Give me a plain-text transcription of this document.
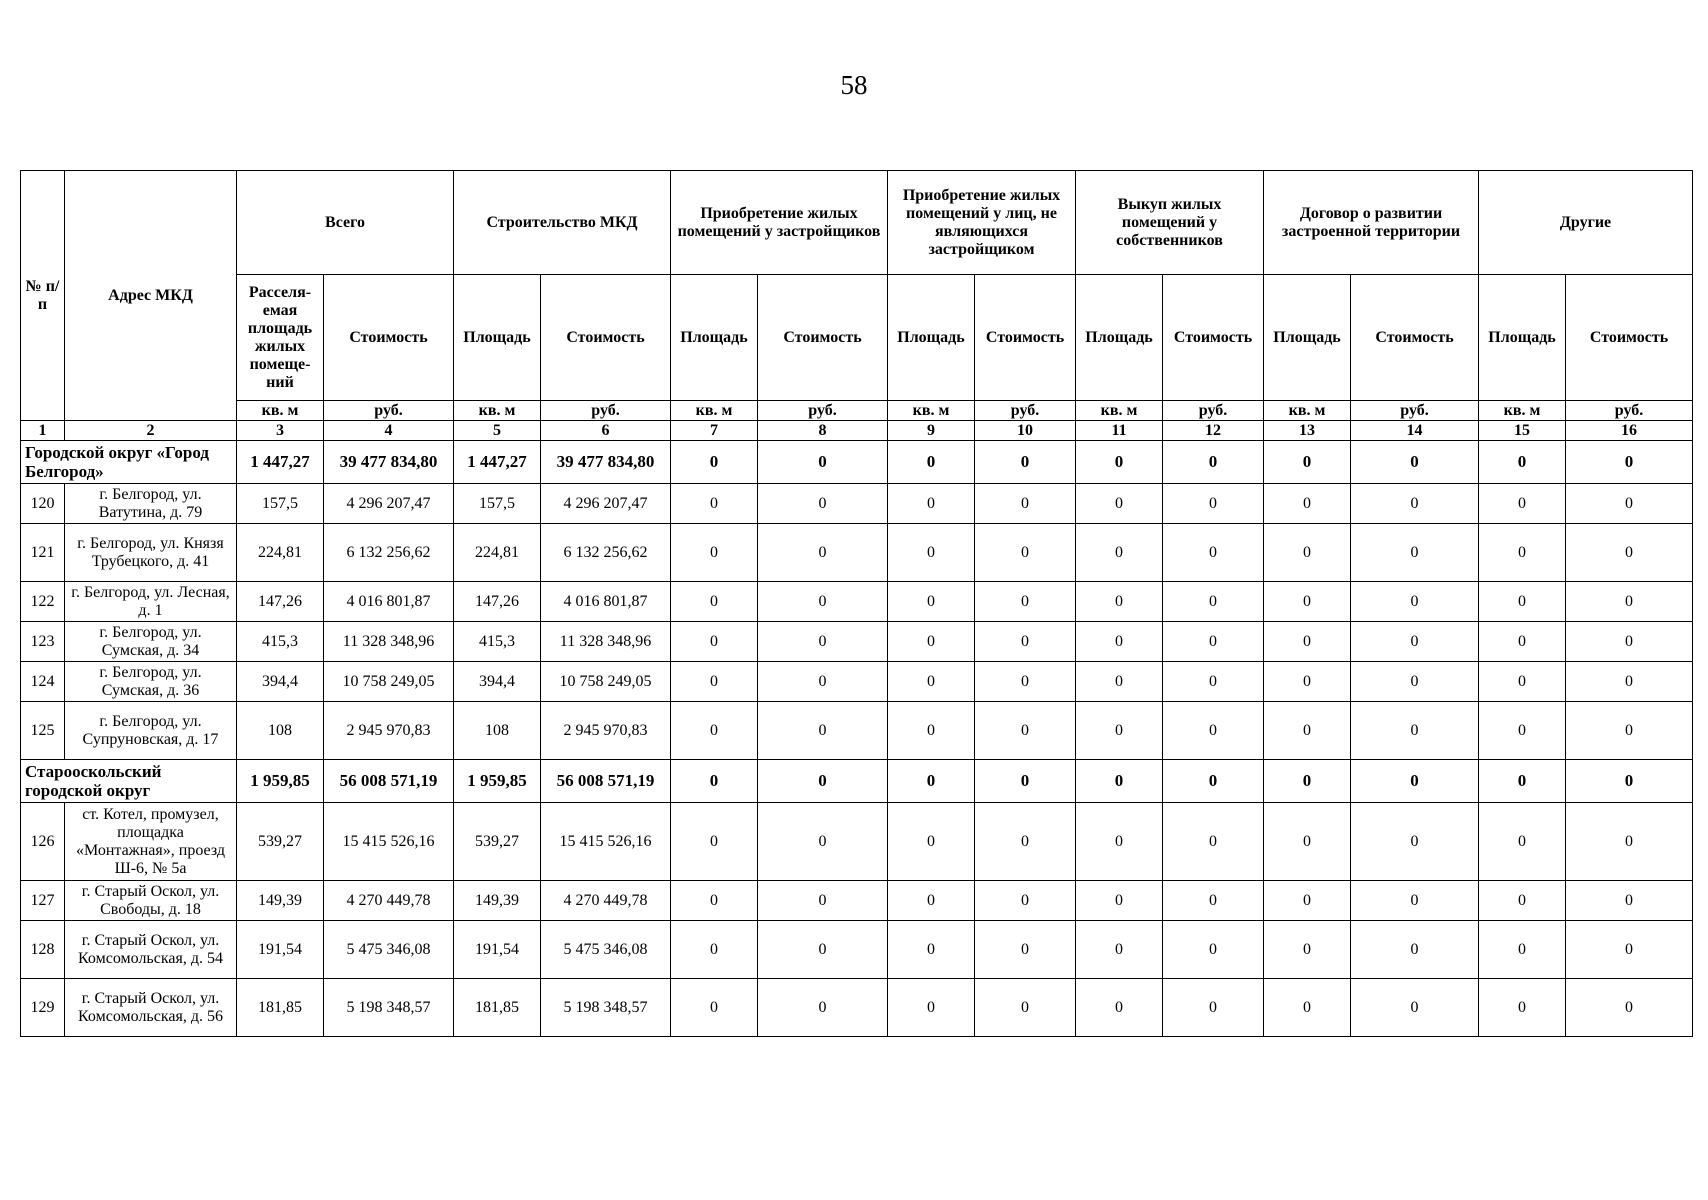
58
№ п/п	Адрес МКД	Всего		Строительство МКД		Приобретение жилых помещений у застройщиков		Приобретение жилых помещений у лиц, не являющихся застройщиком		Выкуп жилых помещений у собственников		Договор о развитии застроенной территории		Другие	
		Расселя-емая площадь жилых помеще-ний	Стоимость	Площадь	Стоимость	Площадь	Стоимость	Площадь	Стоимость	Площадь	Стоимость	Площадь	Стоимость	Площадь	Стоимость
		кв. м	руб.	кв. м	руб.	кв. м	руб.	кв. м	руб.	кв. м	руб.	кв. м	руб.	кв. м	руб.
1	2	3	4	5	6	7	8	9	10	11	12	13	14	15	16
Городской округ «Город Белгород»		1 447,27	39 477 834,80	1 447,27	39 477 834,80	0	0	0	0	0	0	0	0	0	0
120	г. Белгород, ул. Ватутина, д. 79	157,5	4 296 207,47	157,5	4 296 207,47	0	0	0	0	0	0	0	0	0	0
121	г. Белгород, ул. Князя Трубецкого, д. 41	224,81	6 132 256,62	224,81	6 132 256,62	0	0	0	0	0	0	0	0	0	0
122	г. Белгород, ул. Лесная, д. 1	147,26	4 016 801,87	147,26	4 016 801,87	0	0	0	0	0	0	0	0	0	0
123	г. Белгород, ул. Сумская, д. 34	415,3	11 328 348,96	415,3	11 328 348,96	0	0	0	0	0	0	0	0	0	0
124	г. Белгород, ул. Сумская, д. 36	394,4	10 758 249,05	394,4	10 758 249,05	0	0	0	0	0	0	0	0	0	0
125	г. Белгород, ул. Супруновская, д. 17	108	2 945 970,83	108	2 945 970,83	0	0	0	0	0	0	0	0	0	0
Старооскольский городской округ		1 959,85	56 008 571,19	1 959,85	56 008 571,19	0	0	0	0	0	0	0	0	0	0
126	ст. Котел, промузел, площадка «Монтажная», проезд Ш-6, № 5а	539,27	15 415 526,16	539,27	15 415 526,16	0	0	0	0	0	0	0	0	0	0
127	г. Старый Оскол, ул. Свободы, д. 18	149,39	4 270 449,78	149,39	4 270 449,78	0	0	0	0	0	0	0	0	0	0
128	г. Старый Оскол, ул. Комсомольская, д. 54	191,54	5 475 346,08	191,54	5 475 346,08	0	0	0	0	0	0	0	0	0	0
129	г. Старый Оскол, ул. Комсомольская, д. 56	181,85	5 198 348,57	181,85	5 198 348,57	0	0	0	0	0	0	0	0	0	0
